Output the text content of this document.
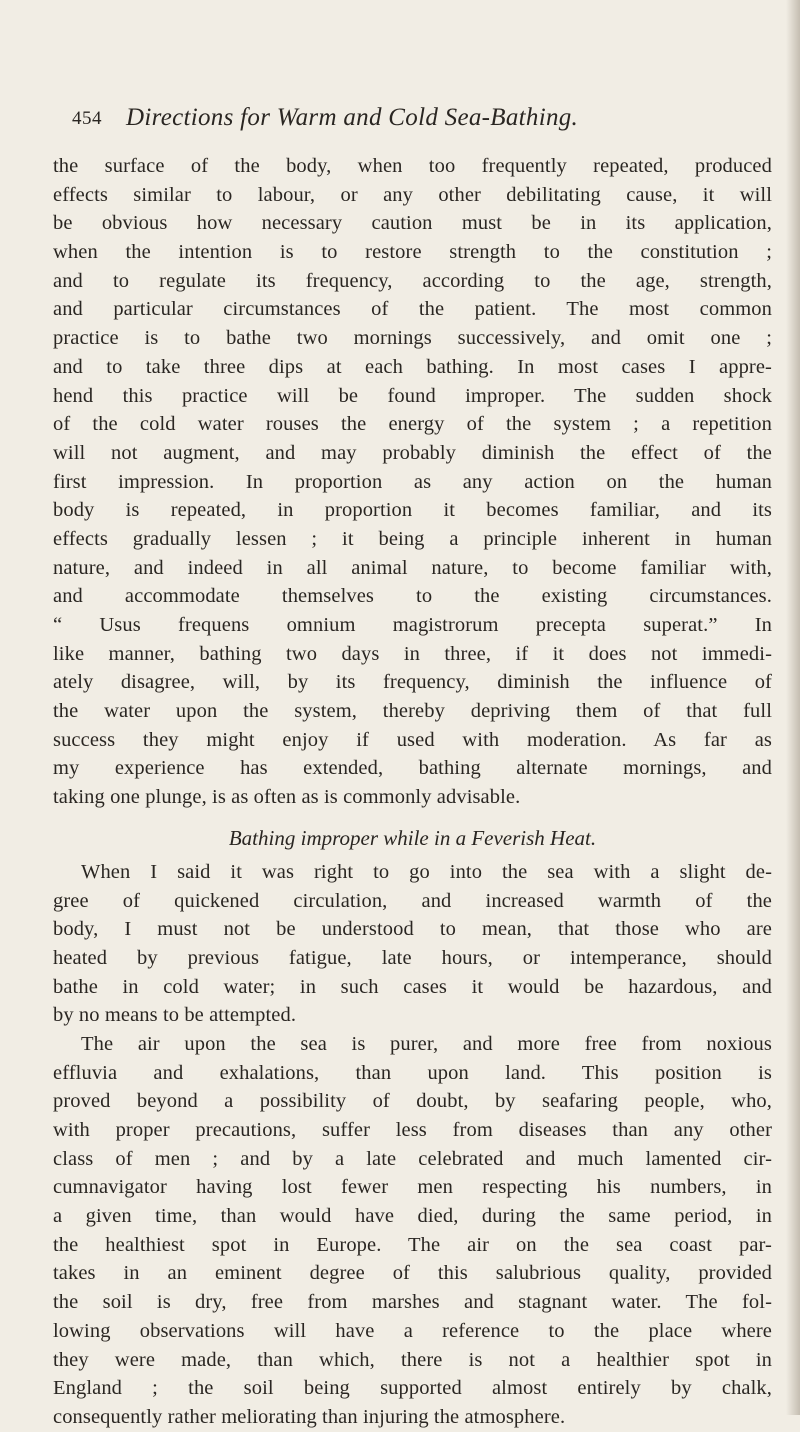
454 Directions for Warm and Cold Sea-Bathing.
the surface of the body, when too frequently repeated, produced
effects similar to labour, or any other debilitating cause, it will
be obvious how necessary caution must be in its application,
when the intention is to restore strength to the constitution ;
and to regulate its frequency, according to the age, strength,
and particular circumstances of the patient. The most common
practice is to bathe two mornings successively, and omit one ;
and to take three dips at each bathing. In most cases I appre-
hend this practice will be found improper. The sudden shock
of the cold water rouses the energy of the system ; a repetition
will not augment, and may probably diminish the effect of the
first impression. In proportion as any action on the human
body is repeated, in proportion it becomes familiar, and its
effects gradually lessen ; it being a principle inherent in human
nature, and indeed in all animal nature, to become familiar with,
and accommodate themselves to the existing circumstances.
“ Usus frequens omnium magistrorum precepta superat.” In
like manner, bathing two days in three, if it does not immedi-
ately disagree, will, by its frequency, diminish the influence of
the water upon the system, thereby depriving them of that full
success they might enjoy if used with moderation. As far as
my experience has extended, bathing alternate mornings, and
taking one plunge, is as often as is commonly advisable.
Bathing improper while in a Feverish Heat.
When I said it was right to go into the sea with a slight de-
gree of quickened circulation, and increased warmth of the
body, I must not be understood to mean, that those who are
heated by previous fatigue, late hours, or intemperance, should
bathe in cold water; in such cases it would be hazardous, and
by no means to be attempted.
The air upon the sea is purer, and more free from noxious
effluvia and exhalations, than upon land. This position is
proved beyond a possibility of doubt, by seafaring people, who,
with proper precautions, suffer less from diseases than any other
class of men ; and by a late celebrated and much lamented cir-
cumnavigator having lost fewer men respecting his numbers, in
a given time, than would have died, during the same period, in
the healthiest spot in Europe. The air on the sea coast par-
takes in an eminent degree of this salubrious quality, provided
the soil is dry, free from marshes and stagnant water. The fol-
lowing observations will have a reference to the place where
they were made, than which, there is not a healthier spot in
England ; the soil being supported almost entirely by chalk,
consequently rather meliorating than injuring the atmosphere.
